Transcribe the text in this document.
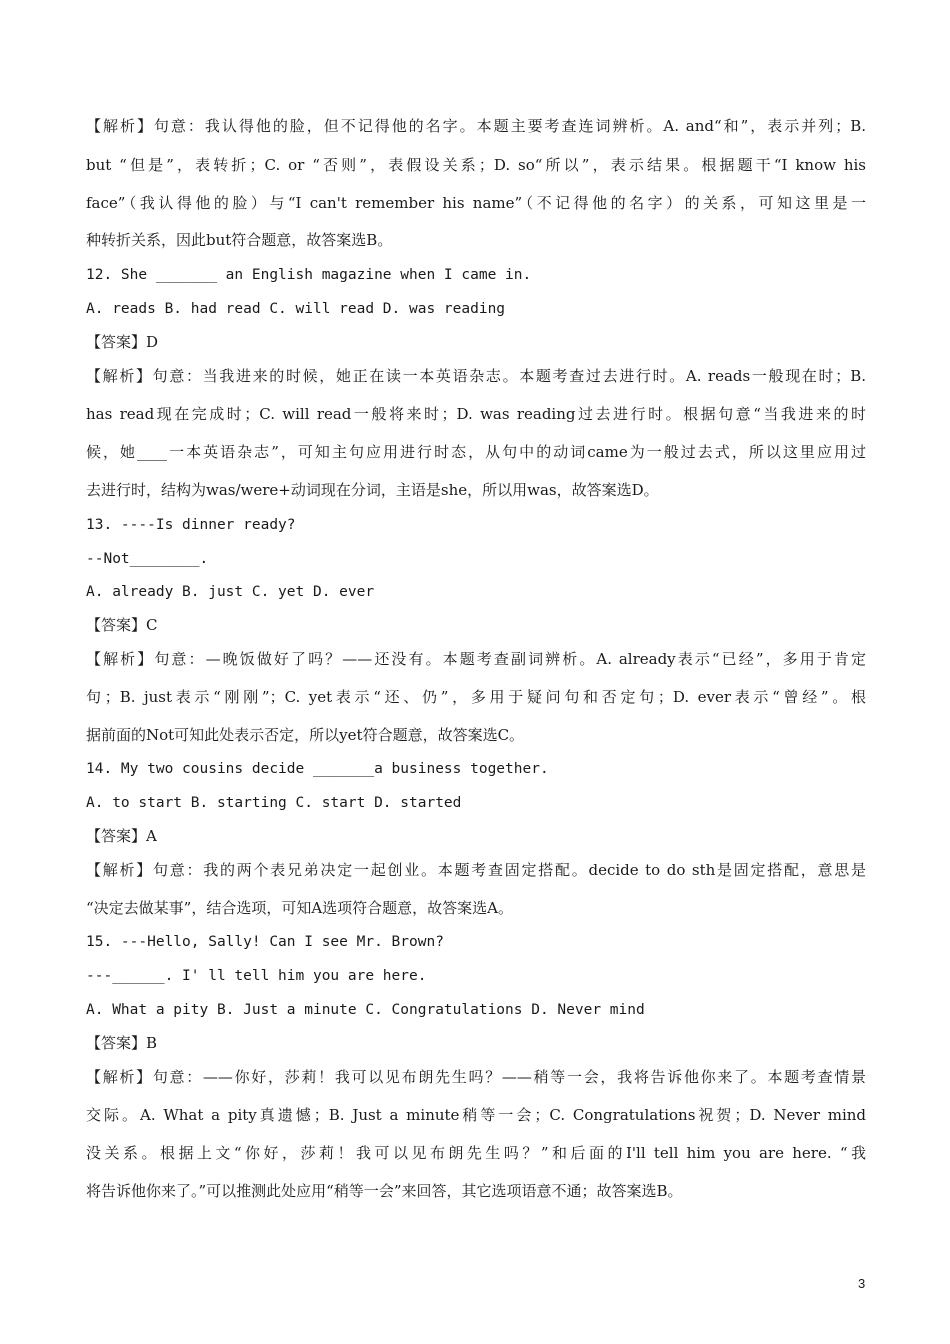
【解析】句意：我认得他的脸，但不记得他的名字。本题主要考查连词辨析。A. and“和”，表示并列；B.
but “但是”，表转折；C. or “否则”，表假设关系；D. so“所以”，表示结果。根据题干“I know his
face”（我认得他的脸）与“I can't remember his name”（不记得他的名字）的关系，可知这里是一
种转折关系，因此but符合题意，故答案选B。
12. She _______ an English magazine when I came in.
A. reads B. had read C. will read D. was reading
【答案】D
【解析】句意：当我进来的时候，她正在读一本英语杂志。本题考查过去进行时。A. reads一般现在时；B.
has read现在完成时；C. will read一般将来时；D. was reading过去进行时。根据句意“当我进来的时
候，她____一本英语杂志”，可知主句应用进行时态，从句中的动词came为一般过去式，所以这里应用过
去进行时，结构为was/were+动词现在分词，主语是she，所以用was，故答案选D。
13. ----Is dinner ready?
--Not________.
A. already B. just C. yet D. ever
【答案】C
【解析】句意：—晚饭做好了吗？——还没有。本题考查副词辨析。A. already表示“已经”，多用于肯定
句；B. just表示“刚刚”；C. yet表示“还、仍”，多用于疑问句和否定句；D. ever表示“曾经”。根
据前面的Not可知此处表示否定，所以yet符合题意，故答案选C。
14. My two cousins decide _______a business together.
A. to start B. starting C. start D. started
【答案】A
【解析】句意：我的两个表兄弟决定一起创业。本题考查固定搭配。decide to do sth是固定搭配，意思是
“决定去做某事”，结合选项，可知A选项符合题意，故答案选A。
15. ---Hello, Sally! Can I see Mr. Brown?
---______. I' ll tell him you are here.
A. What a pity B. Just a minute C. Congratulations D. Never mind
【答案】B
【解析】句意：——你好，莎莉！我可以见布朗先生吗？——稍等一会，我将告诉他你来了。本题考查情景
交际。A. What a pity真遗憾；B. Just a minute稍等一会；C. Congratulations祝贺；D. Never mind
没关系。根据上文“你好，莎莉！我可以见布朗先生吗？”和后面的I'll tell him you are here. “我
将告诉他你来了。”可以推测此处应用“稍等一会”来回答，其它选项语意不通；故答案选B。
3
